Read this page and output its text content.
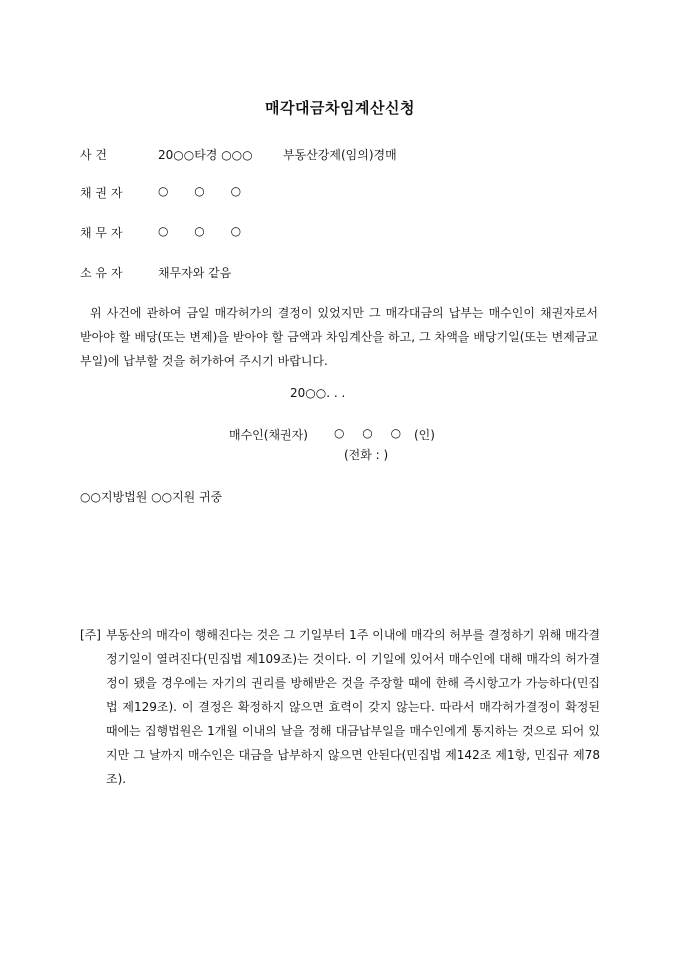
매각대금차임계산신청
사 건	20○○타경 ○○○	부동산강제(임의)경매
채 권 자	○ ○ ○
채 무 자	○ ○ ○
소 유 자	채무자와 같음
위 사건에 관하여 금일 매각허가의 결정이 있었지만 그 매각대금의 납부는 매수인이 채권자로서 받아야 할 배당(또는 변제)을 받아야 할 금액과 차임계산을 하고, 그 차액을 배당기일(또는 변제금교부일)에 납부할 것을 허가하여 주시기 바랍니다.
20○○. . .
매수인(채권자) ○ ○ ○ (인)
(전화 : )
○○지방법원 ○○지원 귀중
[주] 부동산의 매각이 행해진다는 것은 그 기일부터 1주 이내에 매각의 허부를 결정하기 위해 매각결정기일이 열려진다(민집법 제109조)는 것이다. 이 기일에 있어서 매수인에 대해 매각의 허가결정이 됐을 경우에는 자기의 권리를 방해받은 것을 주장할 때에 한해 즉시항고가 가능하다(민집법 제129조). 이 결정은 확정하지 않으면 효력이 갖지 않는다. 따라서 매각허가결정이 확정된 때에는 집행법원은 1개월 이내의 날을 정해 대금납부일을 매수인에게 통지하는 것으로 되어 있지만 그 날까지 매수인은 대금을 납부하지 않으면 안된다(민집법 제142조 제1항, 민집규 제78조).
